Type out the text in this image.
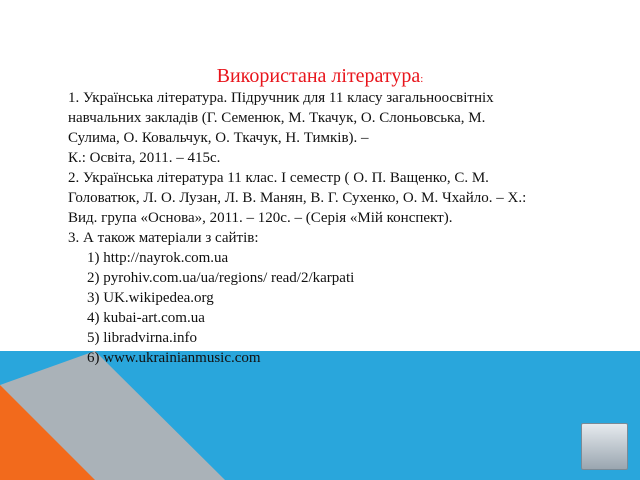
Використана література:
1. Українська література. Підручник для 11 класу загальноосвітніх
навчальних закладів (Г. Семенюк, М. Ткачук, О. Слоньовська, М.
Сулима, О. Ковальчук, О. Ткачук, Н. Тимків). –
К.: Освіта, 2011. – 415с.
2. Українська література 11 клас. I семестр ( О. П. Ващенко, С. М.
Головатюк, Л. О. Лузан, Л. В. Манян, В. Г. Сухенко, О. М. Чхайло. – Х.:
Вид. група «Основа», 2011. – 120с. – (Серія «Мій конспект).
3. А також матеріали з сайтів:
1) http://nayrok.com.ua
2) pyrohiv.com.ua/ua/regions/ read/2/karpati
3) UK.wikipedea.org
4) kubai-art.com.ua
5) libradvirna.info
6) www.ukrainianmusic.com
